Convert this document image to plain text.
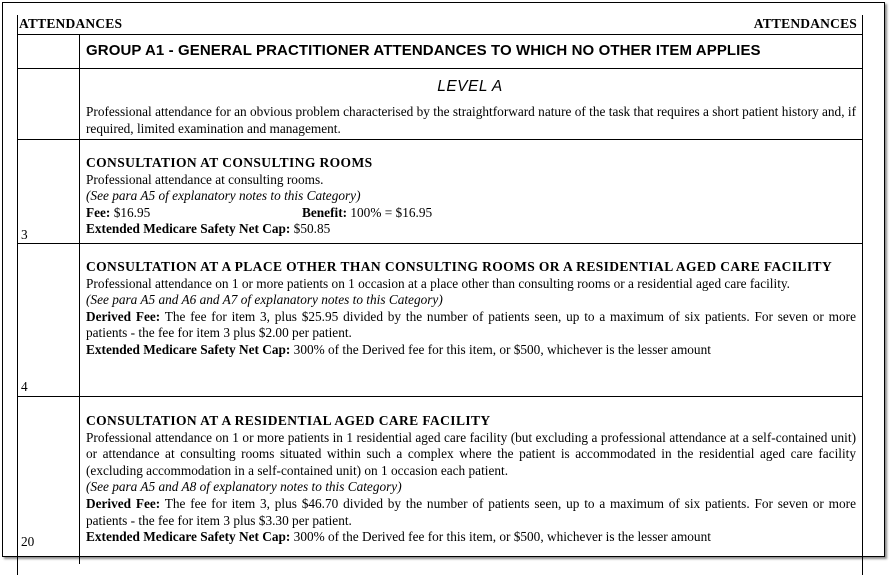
ATTENDANCES	ATTENDANCES
GROUP A1 - GENERAL PRACTITIONER ATTENDANCES TO WHICH NO OTHER ITEM APPLIES
LEVEL A
Professional attendance for an obvious problem characterised by the straightforward nature of the task that requires a short patient history and, if required, limited examination and management.
CONSULTATION AT CONSULTING ROOMS
Professional attendance at consulting rooms.
(See para A5 of explanatory notes to this Category)
Fee: $16.95	Benefit: 100% = $16.95
Extended Medicare Safety Net Cap: $50.85
3
CONSULTATION AT A PLACE OTHER THAN CONSULTING ROOMS OR A RESIDENTIAL AGED CARE FACILITY
Professional attendance on 1 or more patients on 1 occasion at a place other than consulting rooms or a residential aged care facility.
(See para A5 and A6 and A7 of explanatory notes to this Category)
Derived Fee: The fee for item 3, plus $25.95 divided by the number of patients seen, up to a maximum of six patients. For seven or more patients - the fee for item 3 plus $2.00 per patient.
Extended Medicare Safety Net Cap: 300% of the Derived fee for this item, or $500, whichever is the lesser amount
4
CONSULTATION AT A RESIDENTIAL AGED CARE FACILITY
Professional attendance on 1 or more patients in 1 residential aged care facility (but excluding a professional attendance at a self-contained unit) or attendance at consulting rooms situated within such a complex where the patient is accommodated in the residential aged care facility (excluding accommodation in a self-contained unit) on 1 occasion each patient.
(See para A5 and A8 of explanatory notes to this Category)
Derived Fee: The fee for item 3, plus $46.70 divided by the number of patients seen, up to a maximum of six patients. For seven or more patients - the fee for item 3 plus $3.30 per patient.
Extended Medicare Safety Net Cap: 300% of the Derived fee for this item, or $500, whichever is the lesser amount
20
